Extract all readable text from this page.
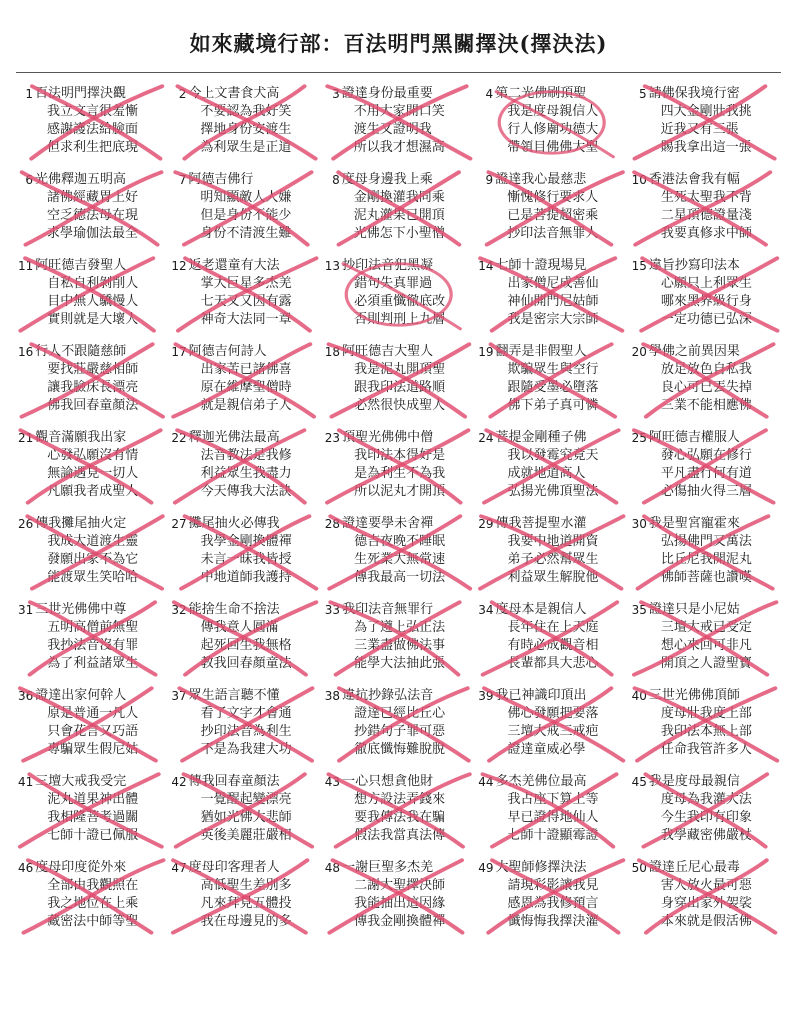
如來藏境行部：百法明門黑關擇決(擇決法)
1 百法明門擇決觀
我立文言很羞慚
感謝護法給臉面
但求利生把底現
2 今上文書食犬高
不要認為我好笑
擇地身份安渡生
為利眾生是正道
3 證達身份最重要
不用大家開口笑
渡生又證明我
所以我才想濕高
4 第二光佛刷頂聖
我是度母親信人
行人修廟功德大
帶領目佛佛大聖
5 請佛保我境行密
四大金剛壯我挑
近我又有三張
賜我拿出這一張
6 光佛釋迦五明高
諸佛經藏胃上好
空乏德法母在現
求學瑜伽法最全
7 阿德吉佛行
明知顯敵人人嫌
但是身份不能少
身份不清渡生難
8 度母身邊我上乘
金剛換灌我同乘
泥丸灌果已開頂
光佛怎下小聖僧
9 證達我心最慈悲
慚愧修行要求人
已是菩提超密乘
抄印法音無罪人
10 香港法會我有幅
生死太聖我不背
二星頂德證量淺
我要真修求中師
11 阿旺德吉發聖人
自私自利剝削人
目中無人驕慢人
實則就是大壞人
12 返老還童有大法
掌大巨星多杰羌
七天又又因有露
神奇大法同一章
13 抄印法音犯黑凝
錯句失真罪過
必須重懺徹底改
否則判刑上九層
14 七師十證現場見
出家僧尼成善仙
神仙開門尼姑師
我是密宗大宗師
15 違旨抄寫印法本
心願只上利眾生
哪來黑界級行身
一定功德已弘深
16 行人不跟隨慈師
要找莊嚴慈相師
讓我臉床長漂亮
佛我回春童顏法
17 阿德吉何詩人
出家苦已諸佛喜
原在維摩聖僧時
就是親信弟子人
18 阿旺德吉大聖人
我是泥丸開頂聖
跟我印法道路順
必然很快成聖人
19 翻弄是非假聖人
欺騙眾生與空行
跟隨受墨必墮落
佛下弟子真可憐
20 學佛之前異因果
放足放色自私我
良心可已丟失掉
三業不能相應佛
21 觀音滿願我出家
心發弘願沒有情
無論遇見一切人
凡願我者成聖人
22 釋迦光佛法最高
法音教法是我修
利益眾生我盡力
今天傳我大法訣
23 頂聖光佛佛中僧
我印法本得好是
是為利生不為我
所以泥丸才開頂
24 菩提金剛種子佛
我以發霉究竟天
成就地道高人
弘揚光佛頂聖法
25 阿旺德吉權服人
發心弘願在修行
平凡盡行何有道
必傷抽火得三層
26 傳我攤尾抽火定
我成大道渡生靈
發願出家不為它
能渡眾生笑哈哈
27 攤尾抽火必傳我
我學金剛換體禪
未言一昧我皆授
中地道師我護持
28 證達要學未舍禪
德吉夜晚不睡眠
生死業大無常速
傳我最高一切法
29 傳我菩提聖水灌
我要中地道開資
弟子必然幫眾生
利益眾生解脫他
30 我是聖宮寵霍來
弘揚佛門又萬法
比丘尼我開泥丸
佛師菩薩也讚嘆
31 三世光佛佛中尊
五明高僧前無聖
我抄法音沒有罪
為了利益諸眾生
32 能捨生命不捨法
傳我意人圓滿
起死回生我無格
教我回春顏童法
33 我印法音無罪行
為了遵上弘正法
三業盡做佛法事
能學大法抽此張
34 度母本是親信人
長年住在上天庭
有時必成觀音相
長輩都具大悲心
35 證達只是小尼姑
三壇大戒已受定
想心來回可非凡
開頂之人證聖寶
36 證達出家何幹人
原是普通一凡人
只會花言又巧語
專騙眾生假尼姑
37 眾生語言聽不懂
看了文字才會通
抄印法音為利生
不是為我建大功
38 違抗抄錄弘法音
證達已經比丘心
抄錯句子罪可惡
徹底懺悔難脫脫
39 我已神識印頂出
佛心發願把要落
三壇大戒三戒疤
證達童威必學
40 三世光佛佛頂師
度母壯我度上部
我印法本無上部
任命我管許多人
41 三壇大戒我受完
泥丸道果神出體
我相隆菩考過關
七師十證已佩服
42 傳我回春童顏法
一覺醒起變漂亮
猶如光佛大悲師
英後美麗莊嚴相
43 一心只想貪他財
想方設法弄錢來
要我傳法我在騙
假法我當真法傳
44 多杰羌佛位最高
我占座下算上等
早已證得地仙人
七師十證顯霉證
45 我是度母最親信
度母為我灌大法
今生我印有印象
我學藏密佛嚴杖
46 度母印度從外來
全部由我觀照在
我之地位在上乘
藏密法中師等聖
47 度母印客理者人
高低聖生差別多
凡來拜見五體投
我在母邊見的多
48 一謝巨聖多杰羌
二謝大聖擇決師
我能抽出這因緣
傳我金剛換體禪
49 大聖師修擇決法
請現彩影讓我見
感恩為我修預言
懺悔悔我擇決灌
50 證達丘尼心最毒
害人放火最可惡
身穿出家外袈裟
本來就是假活佛
